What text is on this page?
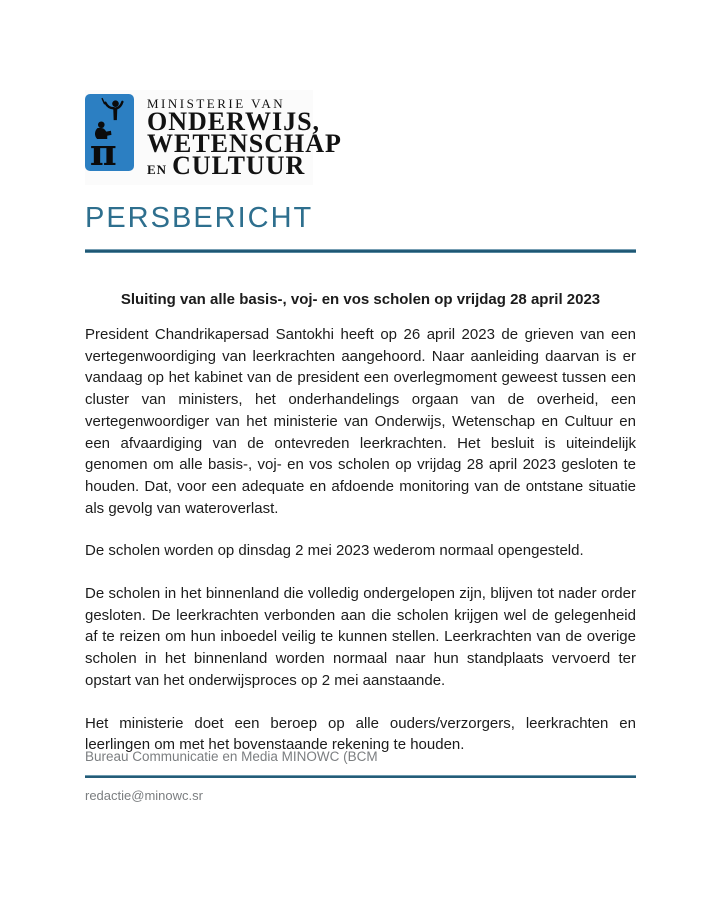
π
MINISTERIE VAN
ONDERWIJS,
WETENSCHAP
EN CULTUUR
PERSBERICHT
Sluiting van alle basis-, voj- en vos scholen op vrijdag 28 april 2023

President Chandrikapersad Santokhi heeft op 26 april 2023 de grieven van een vertegenwoordiging van leerkrachten aangehoord. Naar aanleiding daarvan is er vandaag op het kabinet van de president een overlegmoment geweest tussen een cluster van ministers, het onderhandelings orgaan van de overheid, een vertegenwoordiger van het ministerie van Onderwijs, Wetenschap en Cultuur en een afvaardiging van de ontevreden leerkrachten. Het besluit is uiteindelijk genomen om alle basis-, voj- en vos scholen op vrijdag 28 april 2023 gesloten te houden. Dat, voor een adequate en afdoende monitoring van de ontstane situatie als gevolg van wateroverlast.

De scholen worden op dinsdag 2 mei 2023 wederom normaal opengesteld.

De scholen in het binnenland die volledig ondergelopen zijn, blijven tot nader order gesloten. De leerkrachten verbonden aan die scholen krijgen wel de gelegenheid af te reizen om hun inboedel veilig te kunnen stellen. Leerkrachten van de overige scholen in het binnenland worden normaal naar hun standplaats vervoerd ter opstart van het onderwijsproces op 2 mei aanstaande.

Het ministerie doet een beroep op alle ouders/verzorgers, leerkrachten en leerlingen om met het bovenstaande rekening te houden.

Bureau Communicatie en Media MINOWC (BCM
redactie@minowc.sr
